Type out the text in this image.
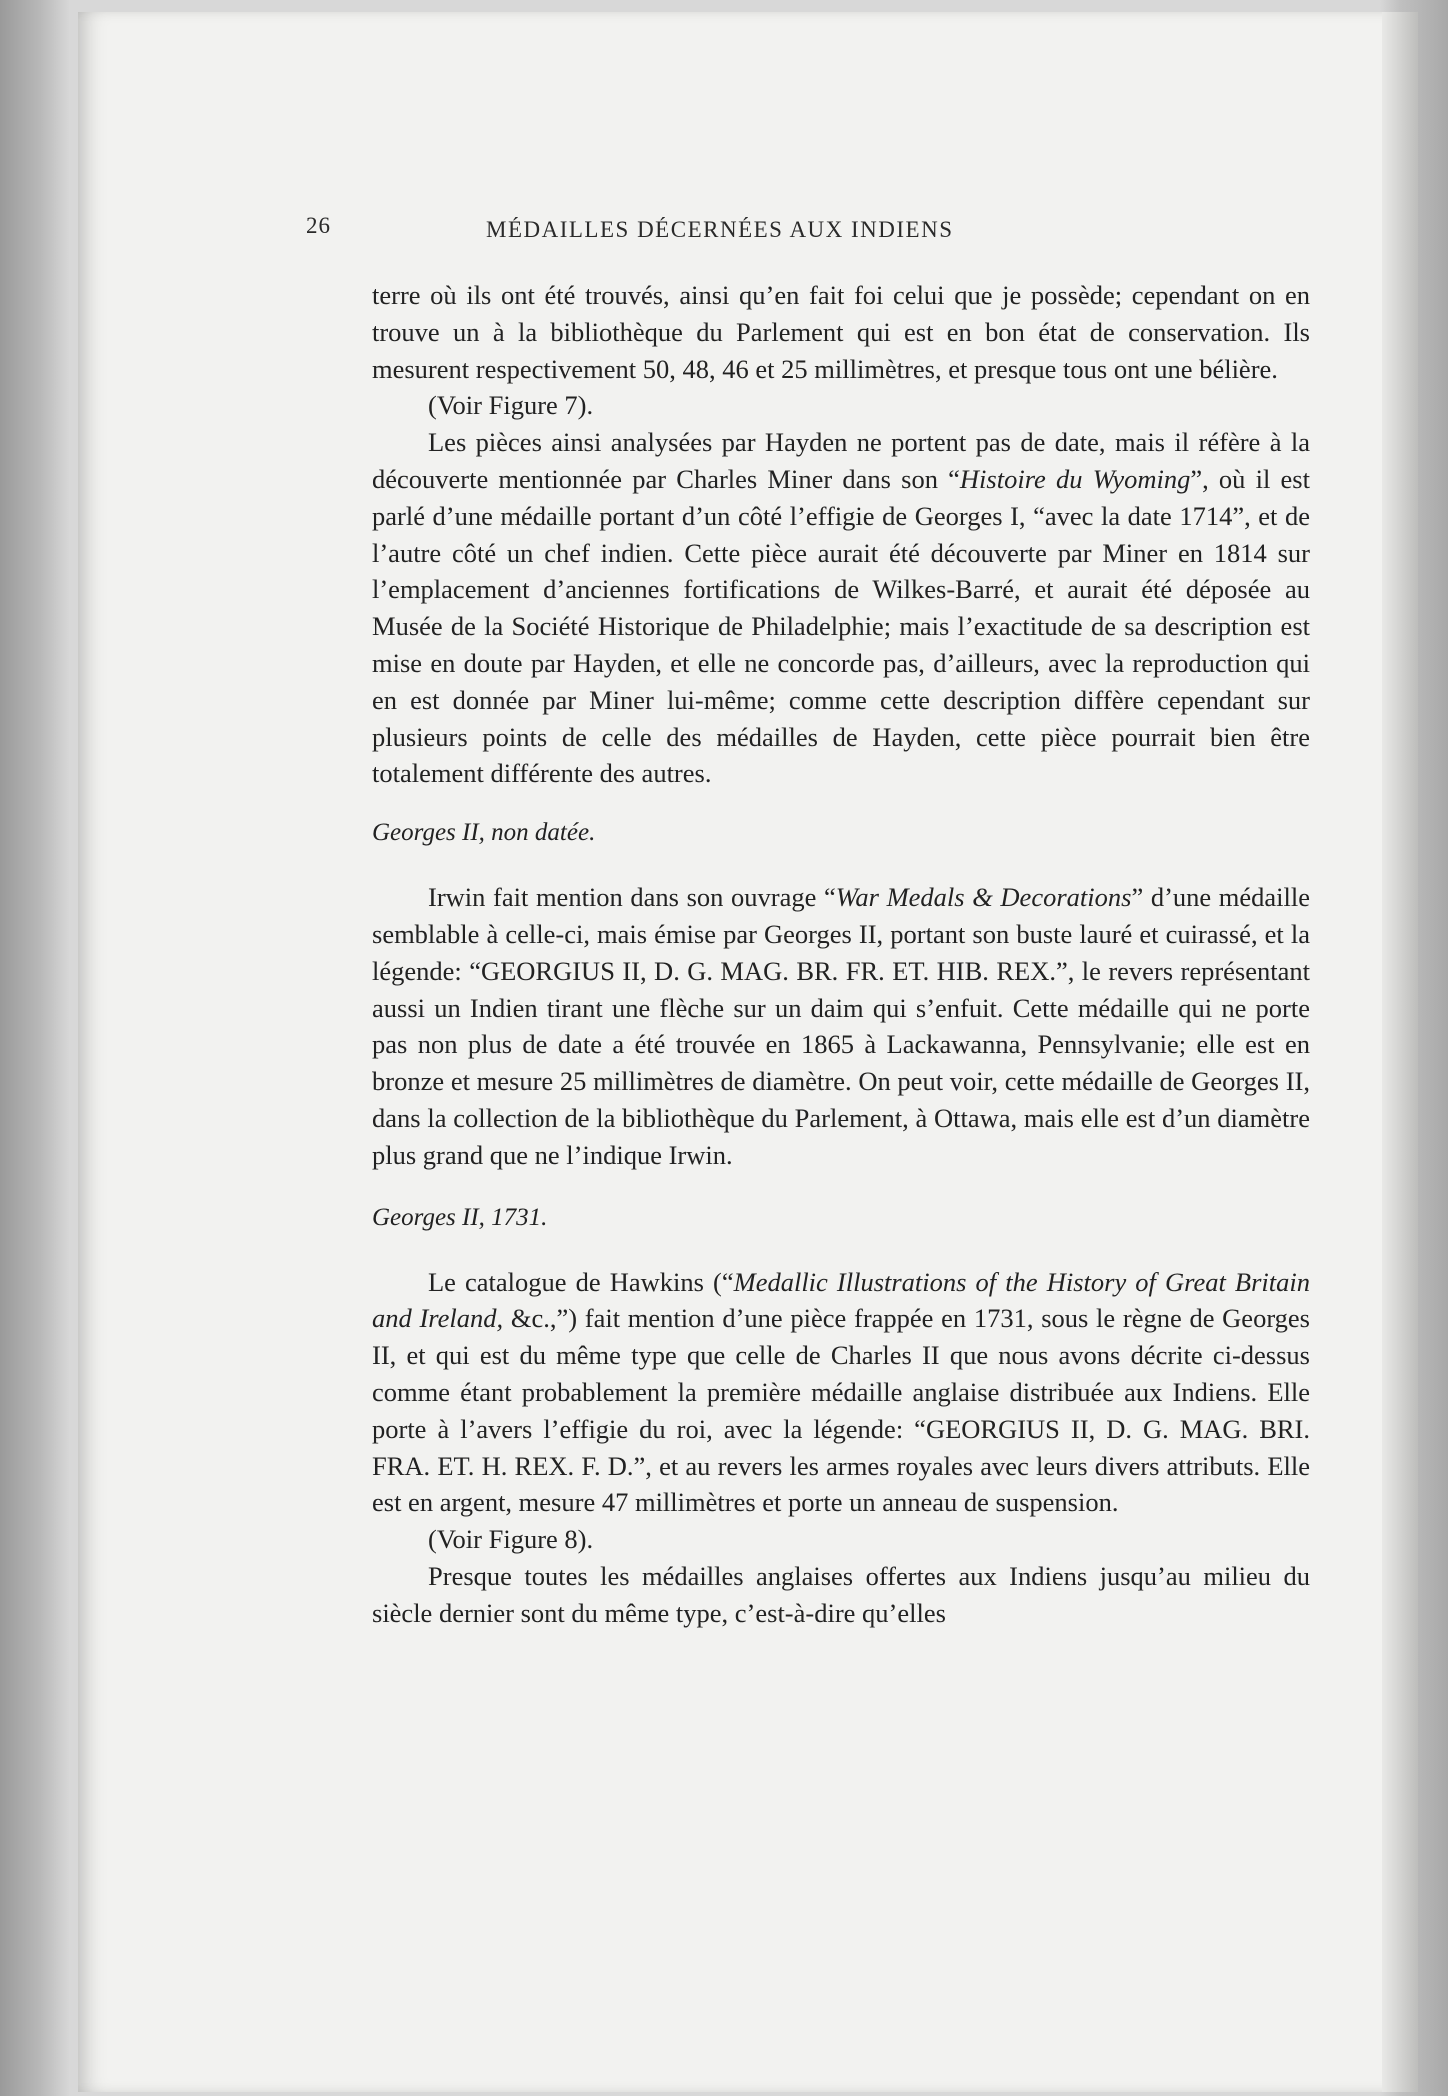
26	MÉDAILLES DÉCERNÉES AUX INDIENS

terre où ils ont été trouvés, ainsi qu’en fait foi celui que je possède; cependant on en trouve un à la bibliothèque du Parlement qui est en bon état de conservation. Ils mesurent respectivement 50, 48, 46 et 25 millimètres, et presque tous ont une bélière.

(Voir Figure 7).

Les pièces ainsi analysées par Hayden ne portent pas de date, mais il réfère à la découverte mentionnée par Charles Miner dans son “Histoire du Wyoming”, où il est parlé d’une médaille portant d’un côté l’effigie de Georges I, “avec la date 1714”, et de l’autre côté un chef indien. Cette pièce aurait été découverte par Miner en 1814 sur l’emplacement d’anciennes fortifications de Wilkes-Barré, et aurait été déposée au Musée de la Société Historique de Philadelphie; mais l’exactitude de sa description est mise en doute par Hayden, et elle ne concorde pas, d’ailleurs, avec la reproduction qui en est donnée par Miner lui-même; comme cette description diffère cependant sur plusieurs points de celle des médailles de Hayden, cette pièce pourrait bien être totalement différente des autres.

Georges II, non datée.

Irwin fait mention dans son ouvrage “War Medals & Decorations” d’une médaille semblable à celle-ci, mais émise par Georges II, portant son buste lauré et cuirassé, et la légende: “GEORGIUS II, D. G. MAG. BR. FR. ET. HIB. REX.”, le revers représentant aussi un Indien tirant une flèche sur un daim qui s’enfuit. Cette médaille qui ne porte pas non plus de date a été trouvée en 1865 à Lackawanna, Pennsylvanie; elle est en bronze et mesure 25 millimètres de diamètre. On peut voir, cette médaille de Georges II, dans la collection de la bibliothèque du Parlement, à Ottawa, mais elle est d’un diamètre plus grand que ne l’indique Irwin.

Georges II, 1731.

Le catalogue de Hawkins (“Medallic Illustrations of the History of Great Britain and Ireland, &c.,”) fait mention d’une pièce frappée en 1731, sous le règne de Georges II, et qui est du même type que celle de Charles II que nous avons décrite ci-dessus comme étant probablement la première médaille anglaise distribuée aux Indiens. Elle porte à l’avers l’effigie du roi, avec la légende: “GEORGIUS II, D. G. MAG. BRI. FRA. ET. H. REX. F. D.”, et au revers les armes royales avec leurs divers attributs. Elle est en argent, mesure 47 millimètres et porte un anneau de suspension.

(Voir Figure 8).

Presque toutes les médailles anglaises offertes aux Indiens jusqu’au milieu du siècle dernier sont du même type, c’est-à-dire qu’elles
